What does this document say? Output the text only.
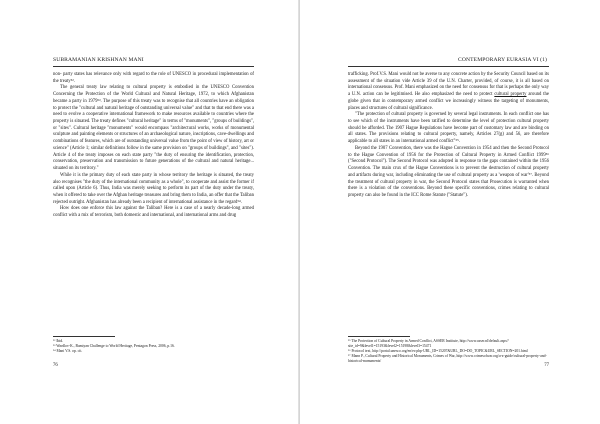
SUBRAMANIAN KRISHNAN MANI

non- party states has relevance only with regard to the role of UNESCO in procedural implementation of the treaty⁵².

The general treaty law relating to cultural property is embodied in the UNESCO Convention Concerning the Protection of the World Cultural and Natural Heritage, 1972, to which Afghanistan became a party in 1979⁵³. The purpose of this treaty was to recognise that all countries have an obligation to protect the "cultural and natural heritage of outstanding universal value" and that to that end there was a need to evolve a cooperative international framework to make resources available to countries where the property is situated. The treaty defines "cultural heritage" in terms of "monuments", "groups of buildings", or "sites". Cultural heritage "monuments" would encompass "architectural works, works of monumental sculpture and painting elements or structures of an archaeological nature, inscriptions, cave-dwellings and combinations of features, which are of outstanding universal value from the point of view of history, art or science" (Article 1; similar definitions follow in the same provision on "groups of buildings", and "sites"). Article 4 of the treaty imposes on each state party "the duty of ensuring the identification, protection, conservation, preservation and transmission to future generations of the cultural and natural heritage... situated on its territory."

While it is the primary duty of each state party in whose territory the heritage is situated, the treaty also recognises "the duty of the international community as a whole", to cooperate and assist the former if called upon (Article 6). Thus, India was merely seeking to perform its part of the duty under the treaty, when it offered to take over the Afghan heritage treasures and bring them to India, an offer that the Taliban rejected outright. Afghanistan has already been a recipient of international assistance in the regard⁵⁴.

How does one enforce this law against the Taliban? Here is a case of a nearly decade-long armed conflict with a mix of terrorism, both domestic and international, and international arms and drug

⁵² Ibid.
⁵³ Wardlov-K., Bamiyan Challenge to World Heritage, Pentagon Press, 2006, p.16.
⁵⁴ Mani V.S. op. cit.
76
CONTEMPORARY EURASIA VI (1)

trafficking. Prof.V.S. Mani would not be averse to any concrete action by the Security Council based on its assessment of the situation vide Article 39 of the U.N. Charter, provided, of course, it is all based on international consensus. Prof. Mani emphasized on the need for consensus for that is perhaps the only way a U.N. action can be legitimised. He also emphasized the need to protect cultural property around the globe given that in contemporary armed conflict we increasingly witness the targeting of monuments, places and structures of cultural significance.

"The protection of cultural property is governed by several legal instruments. In each conflict one has to see which of the instruments have been ratified to determine the level of protection cultural property should be afforded. The 1907 Hague Regulations have become part of customary law and are binding on all states. The provisions relating to cultural property, namely, Articles 27(g) and 56, are therefore applicable to all states in an international armed conflict"⁵⁵.

Beyond the 1907 Convention, there was the Hague Convention in 1954 and then the Second Protocol to the Hague Convention of 1956 for the Protection of Cultural Property in Armed Conflict 1999⁵⁶ ("Second Protocol"). The Second Protocol was adopted in response to the gaps contained within the 1956 Convention. The main crux of the Hague Conventions is to prevent the destruction of cultural property and artifacts during war, including eliminating the use of cultural property as a 'weapon of war'⁵⁷. Beyond the treatment of cultural property in war, the Second Protocol states that Prosecution is warranted when there is a violation of the conventions. Beyond these specific conventions, crimes relating to cultural property can also be found in the ICC Rome Statute ("Statute").

⁵⁵ The Protection of Cultural Property in Armed Conflict, ASSER Institute, http://www.asser.nl/default.aspx?site_id=9&level1=15193&level2=15198&level3=15471
⁵⁶ Protocol text, http://portal.unesco.org/en/ev.php-URL_ID=15207&URL_DO=DO_TOPIC&URL_SECTION=201.html
⁵⁷ Mann P., Cultural Property and Historical Monuments, Crimes of War, http://www.crimesofwar.org/a-z-guide/cultural-property-and-historical-monuments/
77
